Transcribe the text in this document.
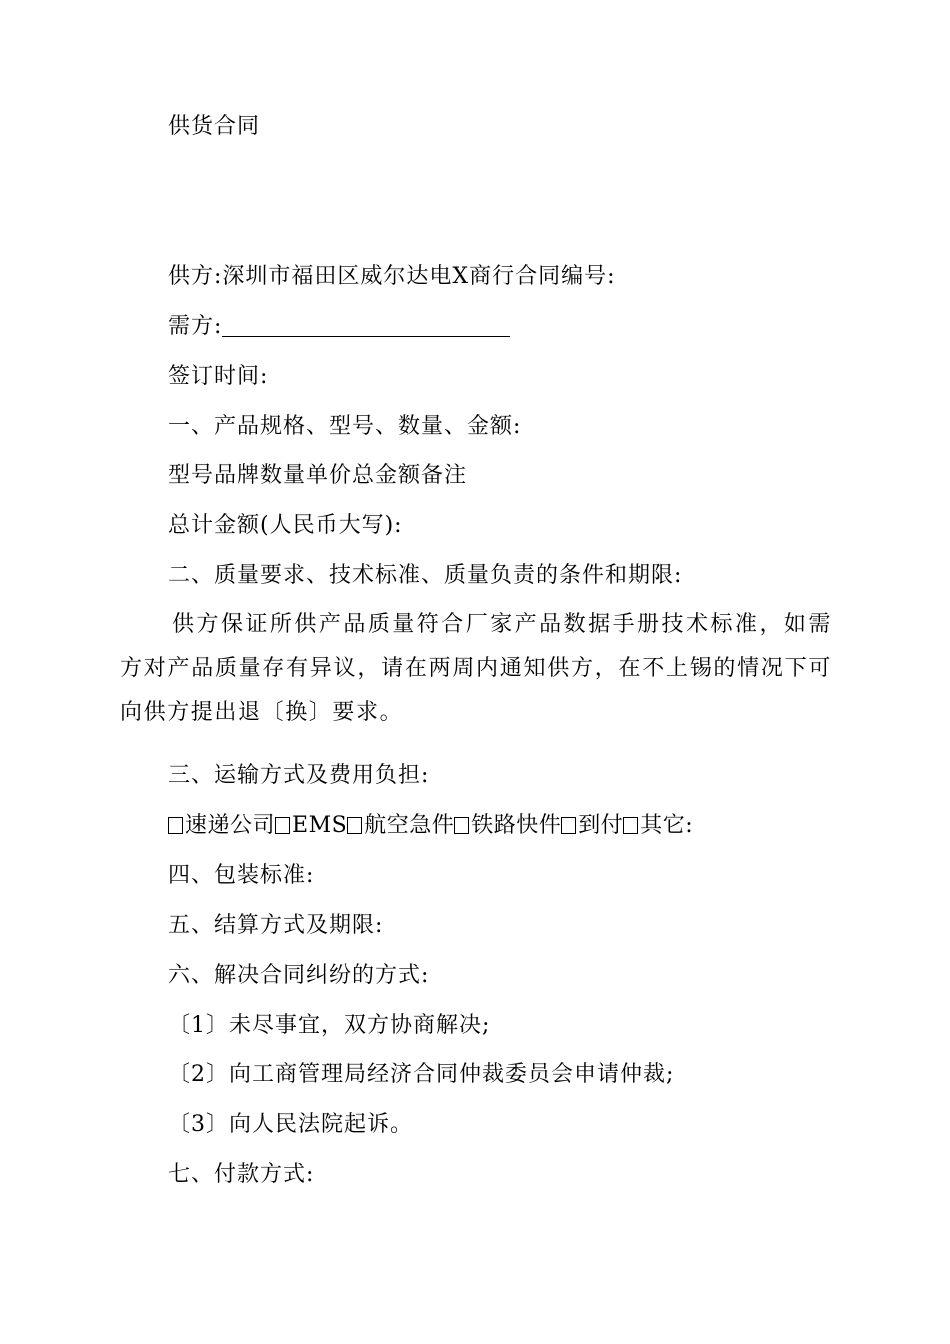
供货合同
供方:深圳市福田区威尔达电X商行合同编号:
需方:
签订时间:
一、产品规格、型号、数量、金额:
型号品牌数量单价总金额备注
总计金额(人民币大写):
二、质量要求、技术标准、质量负责的条件和期限:
供方保证所供产品质量符合厂家产品数据手册技术标准，如需方对产品质量存有异议，请在两周内通知供方，在不上锡的情况下可向供方提出退〔换〕要求。
三、运输方式及费用负担:
速递公司 EMS 航空急件 铁路快件 到付 其它:
四、包装标准:
五、结算方式及期限:
六、解决合同纠纷的方式:
〔1〕未尽事宜，双方协商解决;
〔2〕向工商管理局经济合同仲裁委员会申请仲裁;
〔3〕向人民法院起诉。
七、付款方式:
